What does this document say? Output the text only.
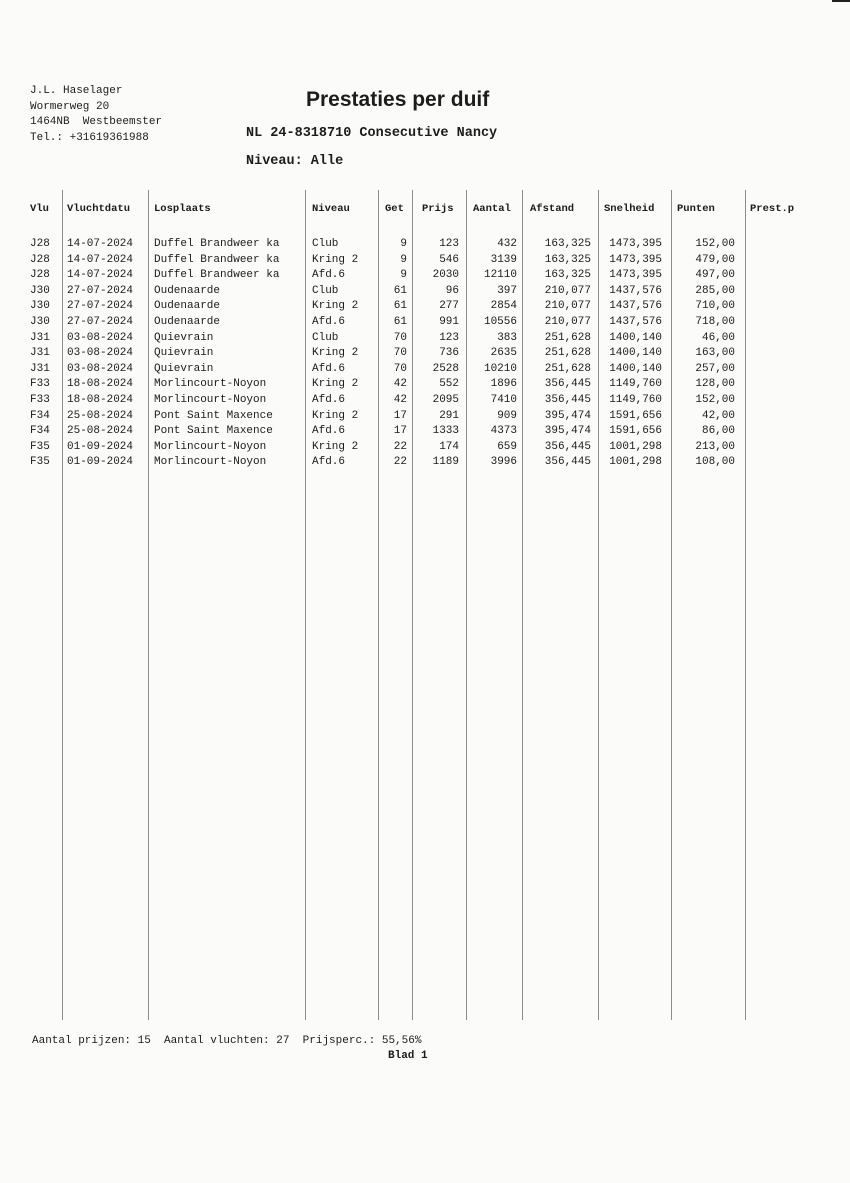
J.L. Haselager
Wormerweg 20
1464NB  Westbeemster
Tel.: +31619361988
Prestaties per duif
NL 24-8318710 Consecutive Nancy
Niveau: Alle
Vlu	Vluchtdatu	Losplaats	Niveau	Get	Prijs	Aantal	Afstand	Snelheid	Punten	Prest.p
J28	14-07-2024	Duffel Brandweer ka	Club	9	123	432	163,325	1473,395	152,00
J28	14-07-2024	Duffel Brandweer ka	Kring 2	9	546	3139	163,325	1473,395	479,00
J28	14-07-2024	Duffel Brandweer ka	Afd.6	9	2030	12110	163,325	1473,395	497,00
J30	27-07-2024	Oudenaarde	Club	61	96	397	210,077	1437,576	285,00
J30	27-07-2024	Oudenaarde	Kring 2	61	277	2854	210,077	1437,576	710,00
J30	27-07-2024	Oudenaarde	Afd.6	61	991	10556	210,077	1437,576	718,00
J31	03-08-2024	Quievrain	Club	70	123	383	251,628	1400,140	46,00
J31	03-08-2024	Quievrain	Kring 2	70	736	2635	251,628	1400,140	163,00
J31	03-08-2024	Quievrain	Afd.6	70	2528	10210	251,628	1400,140	257,00
F33	18-08-2024	Morlincourt-Noyon	Kring 2	42	552	1896	356,445	1149,760	128,00
F33	18-08-2024	Morlincourt-Noyon	Afd.6	42	2095	7410	356,445	1149,760	152,00
F34	25-08-2024	Pont Saint Maxence	Kring 2	17	291	909	395,474	1591,656	42,00
F34	25-08-2024	Pont Saint Maxence	Afd.6	17	1333	4373	395,474	1591,656	86,00
F35	01-09-2024	Morlincourt-Noyon	Kring 2	22	174	659	356,445	1001,298	213,00
F35	01-09-2024	Morlincourt-Noyon	Afd.6	22	1189	3996	356,445	1001,298	108,00
Aantal prijzen: 15  Aantal vluchten: 27  Prijsperc.: 55,56%
Blad 1
